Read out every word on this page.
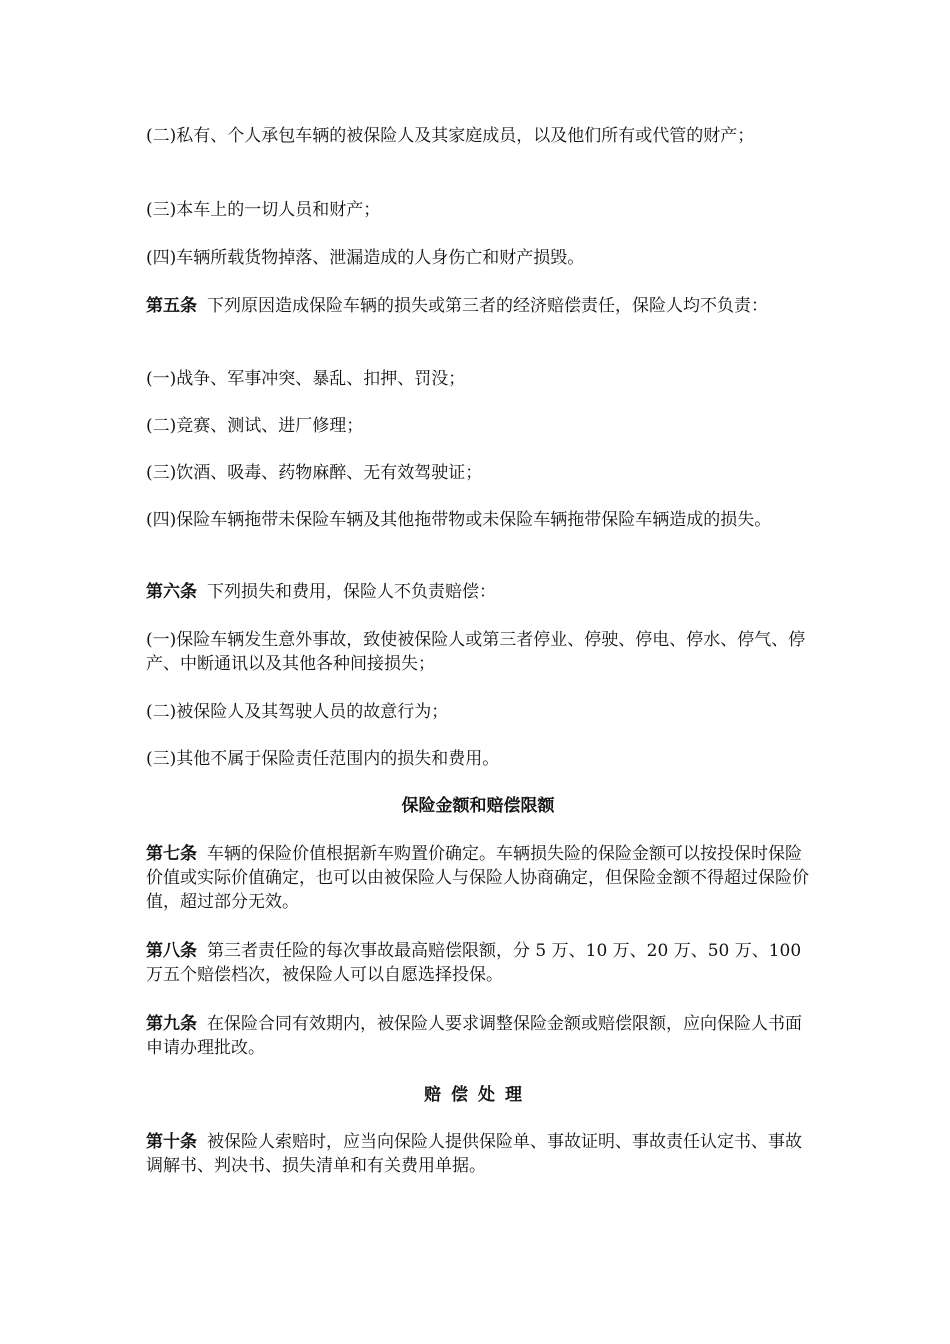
(二)私有、个人承包车辆的被保险人及其家庭成员，以及他们所有或代管的财产；

(三)本车上的一切人员和财产；

(四)车辆所载货物掉落、泄漏造成的人身伤亡和财产损毁。

第五条 下列原因造成保险车辆的损失或第三者的经济赔偿责任，保险人均不负责：

(一)战争、军事冲突、暴乱、扣押、罚没；

(二)竞赛、测试、进厂修理；

(三)饮酒、吸毒、药物麻醉、无有效驾驶证；

(四)保险车辆拖带未保险车辆及其他拖带物或未保险车辆拖带保险车辆造成的损失。

第六条 下列损失和费用，保险人不负责赔偿：

(一)保险车辆发生意外事故，致使被保险人或第三者停业、停驶、停电、停水、停气、停产、中断通讯以及其他各种间接损失；

(二)被保险人及其驾驶人员的故意行为；

(三)其他不属于保险责任范围内的损失和费用。

保险金额和赔偿限额

第七条 车辆的保险价值根据新车购置价确定。车辆损失险的保险金额可以按投保时保险价值或实际价值确定，也可以由被保险人与保险人协商确定，但保险金额不得超过保险价值，超过部分无效。

第八条 第三者责任险的每次事故最高赔偿限额，分 5 万、10 万、20 万、50 万、100 万五个赔偿档次，被保险人可以自愿选择投保。

第九条 在保险合同有效期内，被保险人要求调整保险金额或赔偿限额，应向保险人书面申请办理批改。

赔偿处理

第十条 被保险人索赔时，应当向保险人提供保险单、事故证明、事故责任认定书、事故调解书、判决书、损失清单和有关费用单据。
